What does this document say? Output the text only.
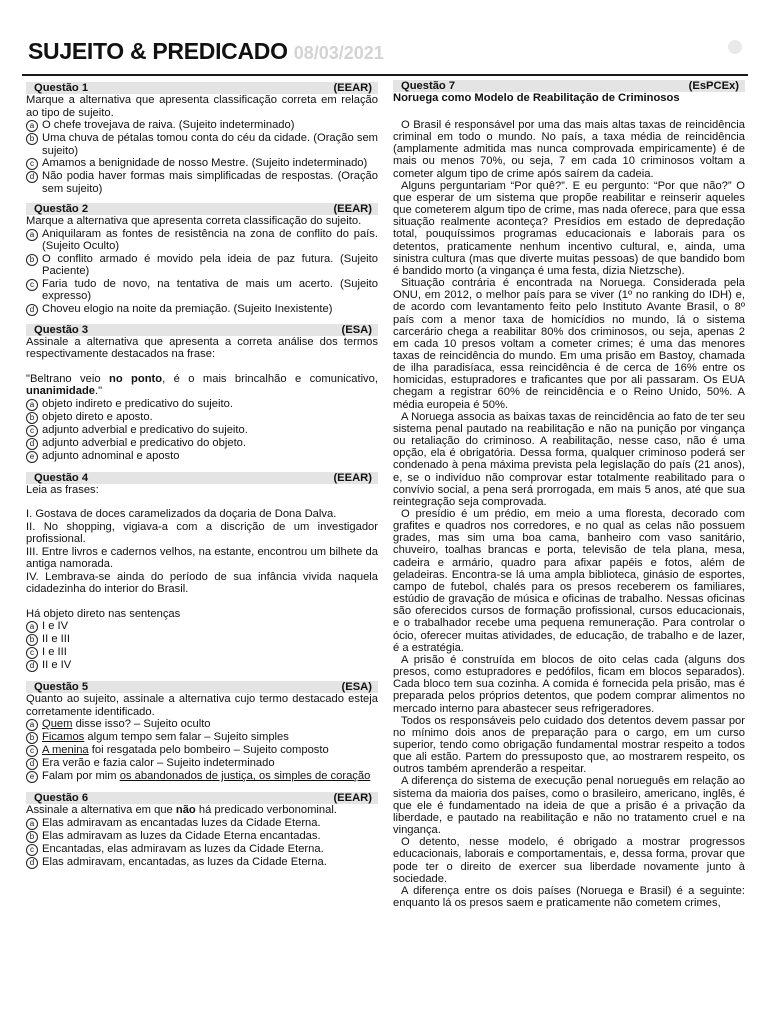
SUJEITO & PREDICADO 08/03/2021
Questão 1	(EEAR)
Marque a alternativa que apresenta classificação correta em relação ao tipo de sujeito.
a O chefe trovejava de raiva. (Sujeito indeterminado)
b Uma chuva de pétalas tomou conta do céu da cidade. (Oração sem sujeito)
c Amamos a benignidade de nosso Mestre. (Sujeito indeterminado)
d Não podia haver formas mais simplificadas de respostas. (Oração sem sujeito)
Questão 2	(EEAR)
Marque a alternativa que apresenta correta classificação do sujeito.
a Aniquilaram as fontes de resistência na zona de conflito do país. (Sujeito Oculto)
b O conflito armado é movido pela ideia de paz futura. (Sujeito Paciente)
c Faria tudo de novo, na tentativa de mais um acerto. (Sujeito expresso)
d Choveu elogio na noite da premiação. (Sujeito Inexistente)
Questão 3	(ESA)
Assinale a alternativa que apresenta a correta análise dos termos respectivamente destacados na frase:
"Beltrano veio no ponto, é o mais brincalhão e comunicativo, unanimidade."
a objeto indireto e predicativo do sujeito.
b objeto direto e aposto.
c adjunto adverbial e predicativo do sujeito.
d adjunto adverbial e predicativo do objeto.
e adjunto adnominal e aposto
Questão 4	(EEAR)
Leia as frases:
I. Gostava de doces caramelizados da doçaria de Dona Dalva.
II. No shopping, vigiava-a com a discrição de um investigador profissional.
III. Entre livros e cadernos velhos, na estante, encontrou um bilhete da antiga namorada.
IV. Lembrava-se ainda do período de sua infância vivida naquela cidadezinha do interior do Brasil.
Há objeto direto nas sentenças
a I e IV
b II e III
c I e III
d II e IV
Questão 5	(ESA)
Quanto ao sujeito, assinale a alternativa cujo termo destacado esteja corretamente identificado.
a Quem disse isso? – Sujeito oculto
b Ficamos algum tempo sem falar – Sujeito simples
c A menina foi resgatada pelo bombeiro – Sujeito composto
d Era verão e fazia calor – Sujeito indeterminado
e Falam por mim os abandonados de justiça, os simples de coração
Questão 6	(EEAR)
Assinale a alternativa em que não há predicado verbonominal.
a Elas admiravam as encantadas luzes da Cidade Eterna.
b Elas admiravam as luzes da Cidade Eterna encantadas.
c Encantadas, elas admiravam as luzes da Cidade Eterna.
d Elas admiravam, encantadas, as luzes da Cidade Eterna.
Questão 7	(EsPCEx)
Noruega como Modelo de Reabilitação de Criminosos

O Brasil é responsável por uma das mais altas taxas de reincidência criminal em todo o mundo. No país, a taxa média de reincidência (amplamente admitida mas nunca comprovada empiricamente) é de mais ou menos 70%, ou seja, 7 em cada 10 criminosos voltam a cometer algum tipo de crime após saírem da cadeia.

Alguns perguntariam “Por quê?”. E eu pergunto: “Por que não?” O que esperar de um sistema que propõe reabilitar e reinserir aqueles que cometerem algum tipo de crime, mas nada oferece, para que essa situação realmente aconteça? Presídios em estado de depredação total, pouquíssimos programas educacionais e laborais para os detentos, praticamente nenhum incentivo cultural, e, ainda, uma sinistra cultura (mas que diverte muitas pessoas) de que bandido bom é bandido morto (a vingança é uma festa, dizia Nietzsche).

Situação contrária é encontrada na Noruega. Considerada pela ONU, em 2012, o melhor país para se viver (1º no ranking do IDH) e, de acordo com levantamento feito pelo Instituto Avante Brasil, o 8º país com a menor taxa de homicídios no mundo, lá o sistema carcerário chega a reabilitar 80% dos criminosos, ou seja, apenas 2 em cada 10 presos voltam a cometer crimes; é uma das menores taxas de reincidência do mundo. Em uma prisão em Bastoy, chamada de ilha paradisíaca, essa reincidência é de cerca de 16% entre os homicidas, estupradores e traficantes que por ali passaram. Os EUA chegam a registrar 60% de reincidência e o Reino Unido, 50%. A média europeia é 50%.

A Noruega associa as baixas taxas de reincidência ao fato de ter seu sistema penal pautado na reabilitação e não na punição por vingança ou retaliação do criminoso. A reabilitação, nesse caso, não é uma opção, ela é obrigatória. Dessa forma, qualquer criminoso poderá ser condenado à pena máxima prevista pela legislação do país (21 anos), e, se o indivíduo não comprovar estar totalmente reabilitado para o convívio social, a pena será prorrogada, em mais 5 anos, até que sua reintegração seja comprovada.

O presídio é um prédio, em meio a uma floresta, decorado com grafites e quadros nos corredores, e no qual as celas não possuem grades, mas sim uma boa cama, banheiro com vaso sanitário, chuveiro, toalhas brancas e porta, televisão de tela plana, mesa, cadeira e armário, quadro para afixar papéis e fotos, além de geladeiras. Encontra-se lá uma ampla biblioteca, ginásio de esportes, campo de futebol, chalés para os presos receberem os familiares, estúdio de gravação de música e oficinas de trabalho. Nessas oficinas são oferecidos cursos de formação profissional, cursos educacionais, e o trabalhador recebe uma pequena remuneração. Para controlar o ócio, oferecer muitas atividades, de educação, de trabalho e de lazer, é a estratégia.

A prisão é construída em blocos de oito celas cada (alguns dos presos, como estupradores e pedófilos, ficam em blocos separados). Cada bloco tem sua cozinha. A comida é fornecida pela prisão, mas é preparada pelos próprios detentos, que podem comprar alimentos no mercado interno para abastecer seus refrigeradores.

Todos os responsáveis pelo cuidado dos detentos devem passar por no mínimo dois anos de preparação para o cargo, em um curso superior, tendo como obrigação fundamental mostrar respeito a todos que ali estão. Partem do pressuposto que, ao mostrarem respeito, os outros também aprenderão a respeitar.

A diferença do sistema de execução penal norueguês em relação ao sistema da maioria dos países, como o brasileiro, americano, inglês, é que ele é fundamentado na ideia de que a prisão é a privação da liberdade, e pautado na reabilitação e não no tratamento cruel e na vingança.

O detento, nesse modelo, é obrigado a mostrar progressos educacionais, laborais e comportamentais, e, dessa forma, provar que pode ter o direito de exercer sua liberdade novamente junto à sociedade.

A diferença entre os dois países (Noruega e Brasil) é a seguinte: enquanto lá os presos saem e praticamente não cometem crimes,
